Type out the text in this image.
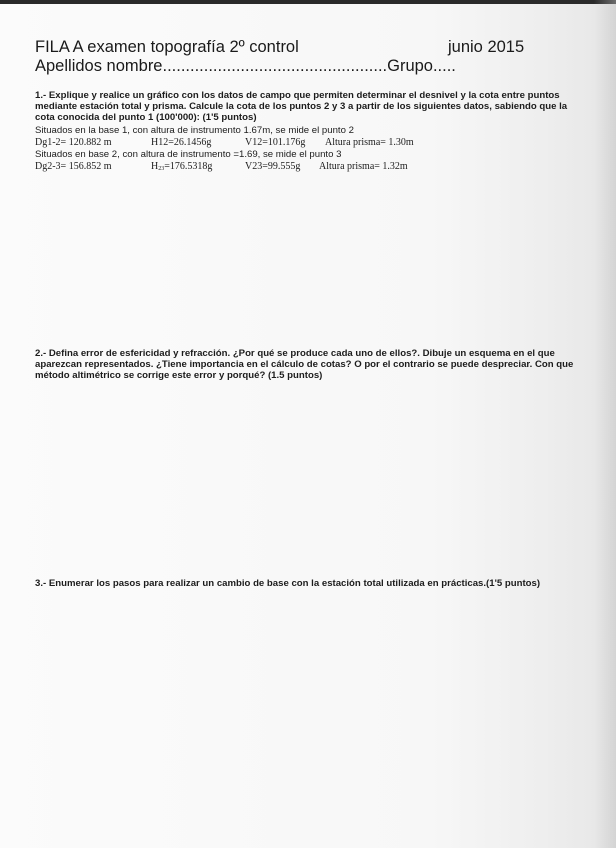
FILA A examen topografía 2º control	junio 2015
Apellidos nombre.................................................Grupo.....
1.- Explique y realice un gráfico con los datos de campo que permiten determinar el desnivel y la cota entre puntos mediante estación total y prisma. Calcule la cota de los puntos 2 y 3 a partir de los siguientes datos, sabiendo que la cota conocida del punto 1 (100'000): (1'5 puntos)
Situados en la base 1, con altura de instrumento 1.67m, se mide el punto 2
Dg1-2= 120.882 m	H12=26.1456g	V12=101.176g Altura prisma= 1.30m
Situados en base 2, con altura de instrumento =1.69, se mide el punto 3
Dg2-3= 156.852 m	H23=176.5318g	V23=99.555g Altura prisma= 1.32m
2.- Defina error de esfericidad y refracción. ¿Por qué se produce cada uno de ellos?. Dibuje un esquema en el que aparezcan representados. ¿Tiene importancia en el cálculo de cotas? O por el contrario se puede despreciar. Con que método altimétrico se corrige este error y porqué? (1.5 puntos)
3.- Enumerar los pasos para realizar un cambio de base con la estación total utilizada en prácticas.(1'5 puntos)
